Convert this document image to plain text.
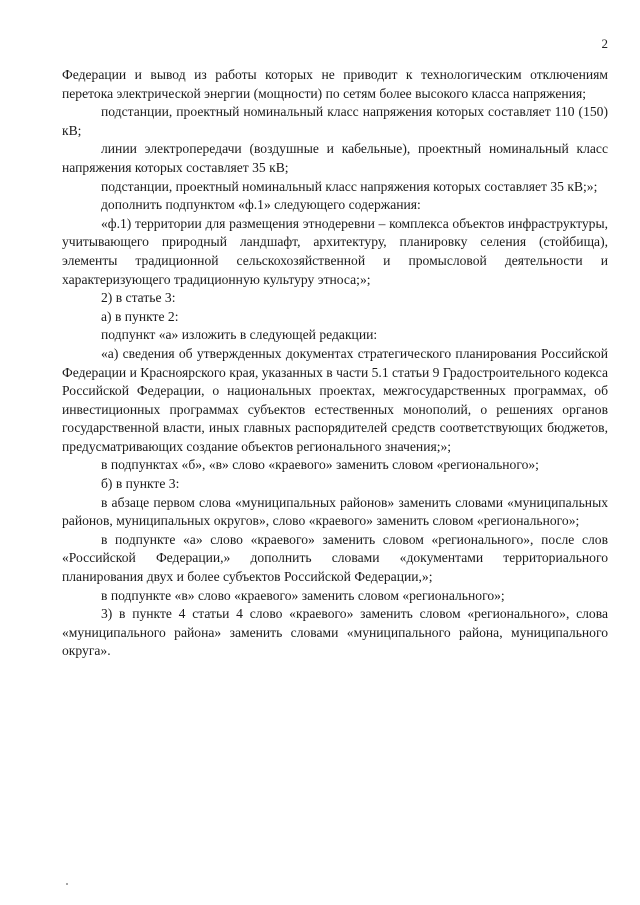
2

Федерации и вывод из работы которых не приводит к технологическим отключениям перетока электрической энергии (мощности) по сетям более высокого класса напряжения;

подстанции, проектный номинальный класс напряжения которых составляет 110 (150) кВ;

линии электропередачи (воздушные и кабельные), проектный номинальный класс напряжения которых составляет 35 кВ;

подстанции, проектный номинальный класс напряжения которых составляет 35 кВ;»;

дополнить подпунктом «ф.1» следующего содержания:

«ф.1) территории для размещения этнодеревни – комплекса объектов инфраструктуры, учитывающего природный ландшафт, архитектуру, планировку селения (стойбища), элементы традиционной сельскохозяйственной и промысловой деятельности и характеризующего традиционную культуру этноса;»;

2) в статье 3:

а) в пункте 2:

подпункт «а» изложить в следующей редакции:

«а) сведения об утвержденных документах стратегического планирования Российской Федерации и Красноярского края, указанных в части 5.1 статьи 9 Градостроительного кодекса Российской Федерации, о национальных проектах, межгосударственных программах, об инвестиционных программах субъектов естественных монополий, о решениях органов государственной власти, иных главных распорядителей средств соответствующих бюджетов, предусматривающих создание объектов регионального значения;»;

в подпунктах «б», «в» слово «краевого» заменить словом «регионального»;

б) в пункте 3:

в абзаце первом слова «муниципальных районов» заменить словами «муниципальных районов, муниципальных округов», слово «краевого» заменить словом «регионального»;

в подпункте «а» слово «краевого» заменить словом «регионального», после слов «Российской Федерации,» дополнить словами «документами территориального планирования двух и более субъектов Российской Федерации,»;

в подпункте «в» слово «краевого» заменить словом «регионального»;

3) в пункте 4 статьи 4 слово «краевого» заменить словом «регионального», слова «муниципального района» заменить словами «муниципального района, муниципального округа».
